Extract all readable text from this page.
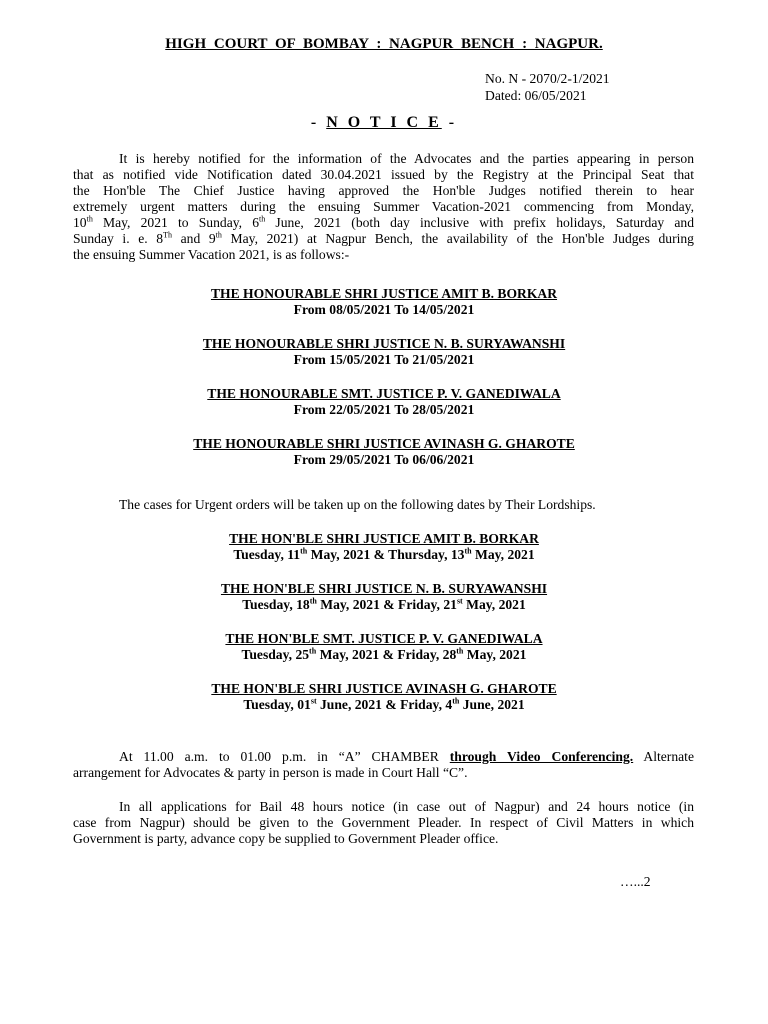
HIGH COURT OF BOMBAY : NAGPUR BENCH : NAGPUR.
No. N - 2070/2-1/2021
Dated: 06/05/2021
- N O T I C E -
It is hereby notified for the information of the Advocates and the parties appearing in person
that as notified vide Notification dated 30.04.2021 issued by the Registry at the Principal Seat that
the Hon'ble The Chief Justice having approved the Hon'ble Judges notified therein to hear
extremely urgent matters during the ensuing Summer Vacation-2021 commencing from Monday,
10th May, 2021 to Sunday, 6th June, 2021 (both day inclusive with prefix holidays, Saturday and
Sunday i. e. 8Th and 9th May, 2021) at Nagpur Bench, the availability of the Hon'ble Judges during
the ensuing Summer Vacation 2021, is as follows:-
THE HONOURABLE SHRI JUSTICE AMIT B. BORKAR
From 08/05/2021 To 14/05/2021
THE HONOURABLE SHRI JUSTICE N. B. SURYAWANSHI
From 15/05/2021 To 21/05/2021
THE HONOURABLE SMT. JUSTICE P. V. GANEDIWALA
From 22/05/2021 To 28/05/2021
THE HONOURABLE SHRI JUSTICE AVINASH G. GHAROTE
From 29/05/2021 To 06/06/2021
The cases for Urgent orders will be taken up on the following dates by Their Lordships.
THE HON'BLE SHRI JUSTICE AMIT B. BORKAR
Tuesday, 11th May, 2021 & Thursday, 13th May, 2021
THE HON'BLE SHRI JUSTICE N. B. SURYAWANSHI
Tuesday, 18th May, 2021 & Friday, 21st May, 2021
THE HON'BLE SMT. JUSTICE P. V. GANEDIWALA
Tuesday, 25th May, 2021 & Friday, 28th May, 2021
THE HON'BLE SHRI JUSTICE AVINASH G. GHAROTE
Tuesday, 01st June, 2021 & Friday, 4th June, 2021
At 11.00 a.m. to 01.00 p.m. in “A” CHAMBER through Video Conferencing. Alternate
arrangement for Advocates & party in person is made in Court Hall “C”.
In all applications for Bail 48 hours notice (in case out of Nagpur) and 24 hours notice (in
case from Nagpur) should be given to the Government Pleader. In respect of Civil Matters in which
Government is party, advance copy be supplied to Government Pleader office.
…...2
